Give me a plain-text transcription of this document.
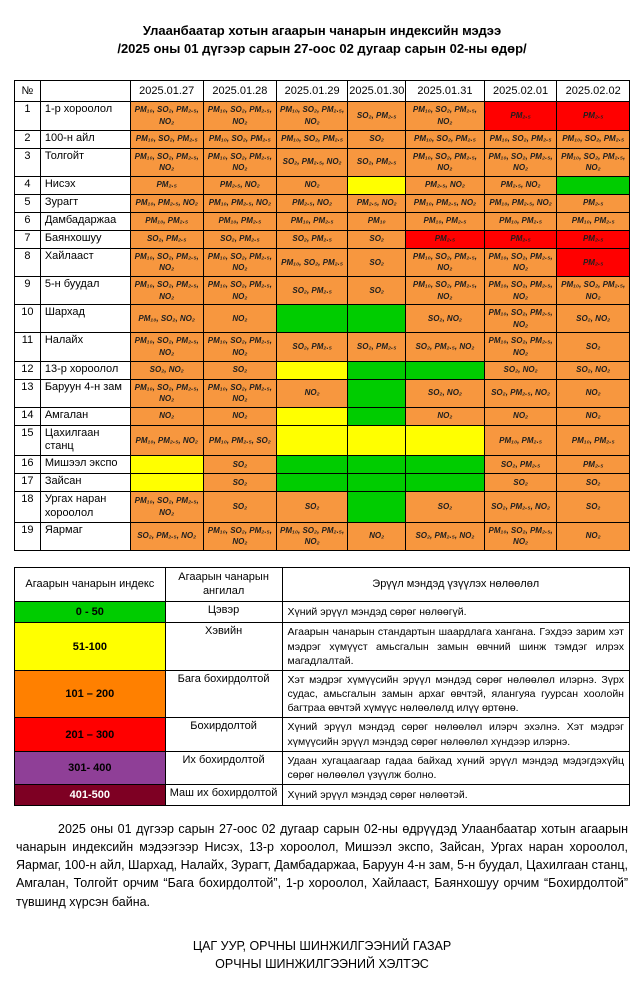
Улаанбаатар хотын агаарын чанарын индексийн мэдээ
/2025 оны 01 дүгээр сарын 27-оос 02 дугаар сарын 02-ны өдөр/
№		2025.01.27	2025.01.28	2025.01.29	2025.01.30	2025.01.31	2025.02.01	2025.02.02
1	1-р хороолол	PM₁₀, SO₂, PM₂.₅, NO₂	PM₁₀, SO₂, PM₂.₅, NO₂	PM₁₀, SO₂, PM₂.₅, NO₂	SO₂, PM₂.₅	PM₁₀, SO₂, PM₂.₅, NO₂	PM₂.₅	PM₂.₅
2	100-н айл	PM₁₀, SO₂, PM₂.₅	PM₁₀, SO₂, PM₂.₅	PM₁₀, SO₂, PM₂.₅	SO₂	PM₁₀, SO₂, PM₂.₅	PM₁₀, SO₂, PM₂.₅	PM₁₀, SO₂, PM₂.₅
3	Толгойт	PM₁₀, SO₂, PM₂.₅, NO₂	PM₁₀, SO₂, PM₂.₅, NO₂	SO₂, PM₂.₅, NO₂	SO₂, PM₂.₅	PM₁₀, SO₂, PM₂.₅, NO₂	PM₁₀, SO₂, PM₂.₅, NO₂	PM₁₀, SO₂, PM₂.₅, NO₂
4	Нисэх	PM₂.₅	PM₂.₅, NO₂	NO₂		PM₂.₅, NO₂	PM₂.₅, NO₂	
5	Зурагт	PM₁₀, PM₂.₅, NO₂	PM₁₀, PM₂.₅, NO₂	PM₂.₅, NO₂	PM₂.₅, NO₂	PM₁₀, PM₂.₅, NO₂	PM₁₀, PM₂.₅, NO₂	PM₂.₅
6	Дамбадаржаа	PM₁₀, PM₂.₅	PM₁₀, PM₂.₅	PM₁₀, PM₂.₅	PM₁₀	PM₁₀, PM₂.₅	PM₁₀, PM₂.₅	PM₁₀, PM₂.₅
7	Баянхошуу	SO₂, PM₂.₅	SO₂, PM₂.₅	SO₂, PM₂.₅	SO₂	PM₂.₅	PM₂.₅	PM₂.₅
8	Хайлааст	PM₁₀, SO₂, PM₂.₅, NO₂	PM₁₀, SO₂, PM₂.₅, NO₂	PM₁₀, SO₂, PM₂.₅	SO₂	PM₁₀, SO₂, PM₂.₅, NO₂	PM₁₀, SO₂, PM₂.₅, NO₂	PM₂.₅
9	5-н буудал	PM₁₀, SO₂, PM₂.₅, NO₂	PM₁₀, SO₂, PM₂.₅, NO₂	SO₂, PM₂.₅	SO₂	PM₁₀, SO₂, PM₂.₅, NO₂	PM₁₀, SO₂, PM₂.₅, NO₂	PM₁₀, SO₂, PM₂.₅, NO₂
10	Шархад	PM₁₀, SO₂, NO₂	NO₂			SO₂, NO₂	PM₁₀, SO₂, PM₂.₅, NO₂	SO₂, NO₂
11	Налайх	PM₁₀, SO₂, PM₂.₅, NO₂	PM₁₀, SO₂, PM₂.₅, NO₂	SO₂, PM₂.₅	SO₂, PM₂.₅	SO₂, PM₂.₅, NO₂	PM₁₀, SO₂, PM₂.₅, NO₂	SO₂
12	13-р хороолол	SO₂, NO₂	SO₂				SO₂, NO₂	SO₂, NO₂
13	Баруун 4-н зам	PM₁₀, SO₂, PM₂.₅, NO₂	PM₁₀, SO₂, PM₂.₅, NO₂	NO₂		SO₂, NO₂	SO₂, PM₂.₅, NO₂	NO₂
14	Амгалан	NO₂	NO₂			NO₂	NO₂	NO₂
15	Цахилгаан станц	PM₁₀, PM₂.₅, NO₂	PM₁₀, PM₂.₅, SO₂				PM₁₀, PM₂.₅	PM₁₀, PM₂.₅
16	Мишээл экспо		SO₂				SO₂, PM₂.₅	PM₂.₅
17	Зайсан		SO₂				SO₂	SO₂
18	Ургах наран хороолол	PM₁₀, SO₂, PM₂.₅, NO₂	SO₂	SO₂		SO₂	SO₂, PM₂.₅, NO₂	SO₂
19	Яармаг	SO₂, PM₂.₅, NO₂	PM₁₀, SO₂, PM₂.₅, NO₂	PM₁₀, SO₂, PM₂.₅, NO₂	NO₂	SO₂, PM₂.₅, NO₂	PM₁₀, SO₂, PM₂.₅, NO₂	NO₂
Агаарын чанарын индекс	Агаарын чанарын ангилал	Эрүүл мэндэд үзүүлэх нөлөөлөл
0 - 50	Цэвэр	Хүний эрүүл мэндэд сөрөг нөлөөгүй.
51-100	Хэвийн	Агаарын чанарын стандартын шаардлага хангана. Гэхдээ зарим хэт мэдрэг хүмүүст амьсгалын замын өвчний шинж тэмдэг илрэх магадлалтай.
101 – 200	Бага бохирдолтой	Хэт мэдрэг хүмүүсийн эрүүл мэндэд сөрөг нөлөөлөл илэрнэ. Зүрх судас, амьсгалын замын архаг өвчтэй, ялангуяа гуурсан хоолойн багтраа өвчтэй хүмүүс нөлөөлөлд илүү өртөнө.
201 – 300	Бохирдолтой	Хүний эрүүл мэндэд сөрөг нөлөөлөл илэрч эхэлнэ. Хэт мэдрэг хүмүүсийн эрүүл мэндэд сөрөг нөлөөлөл хүндээр илэрнэ.
301- 400	Их бохирдолтой	Удаан хугацаагаар гадаа байхад хүний эрүүл мэндэд мэдэгдэхүйц сөрөг нөлөөлөл үзүүлж болно.
401-500	Маш их бохирдолтой	Хүний эрүүл мэндэд сөрөг нөлөөтэй.

2025 оны 01 дүгээр сарын 27-оос 02 дугаар сарын 02-ны өдрүүдэд Улаанбаатар хотын агаарын чанарын индексийн мэдээгээр Нисэх, 13-р хороолол, Мишээл экспо, Зайсан, Ургах наран хороолол, Яармаг, 100-н айл, Шархад, Налайх, Зурагт, Дамбадаржаа, Баруун 4-н зам, 5-н буудал, Цахилгаан станц, Амгалан, Толгойт орчим “Бага бохирдолтой”, 1-р хороолол, Хайлааст, Баянхошуу орчим “Бохирдолтой” түвшинд хүрсэн байна.

ЦАГ УУР, ОРЧНЫ ШИНЖИЛГЭЭНИЙ ГАЗАР
ОРЧНЫ ШИНЖИЛГЭЭНИЙ ХЭЛТЭС
